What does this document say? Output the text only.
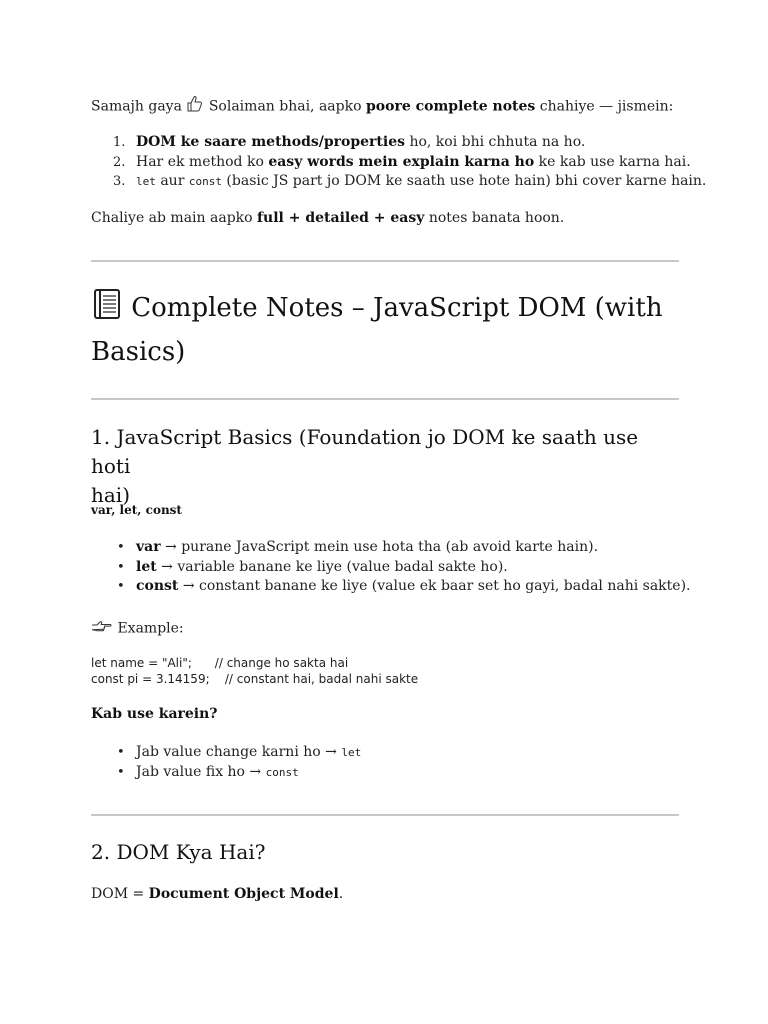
Samajh gaya  Solaiman bhai, aapko poore complete notes chahiye — jismein:

1. DOM ke saare methods/properties ho, koi bhi chhuta na ho.
2. Har ek method ko easy words mein explain karna ho ke kab use karna hai.
3. let aur const (basic JS part jo DOM ke saath use hote hain) bhi cover karne hain.

Chaliye ab main aapko full + detailed + easy notes banata hoon.

Complete Notes – JavaScript DOM (with
Basics)
1. JavaScript Basics (Foundation jo DOM ke saath use hoti
hai)

var, let, const

• var → purane JavaScript mein use hota tha (ab avoid karte hain).
• let → variable banane ke liye (value badal sakte ho).
• const → constant banane ke liye (value ek baar set ho gayi, badal nahi sakte).

Example:

let name = "Ali";      // change ho sakta hai

const pi = 3.14159;    // constant hai, badal nahi sakte

Kab use karein?

• Jab value change karni ho → let
• Jab value fix ho → const
2. DOM Kya Hai?

DOM = Document Object Model.
